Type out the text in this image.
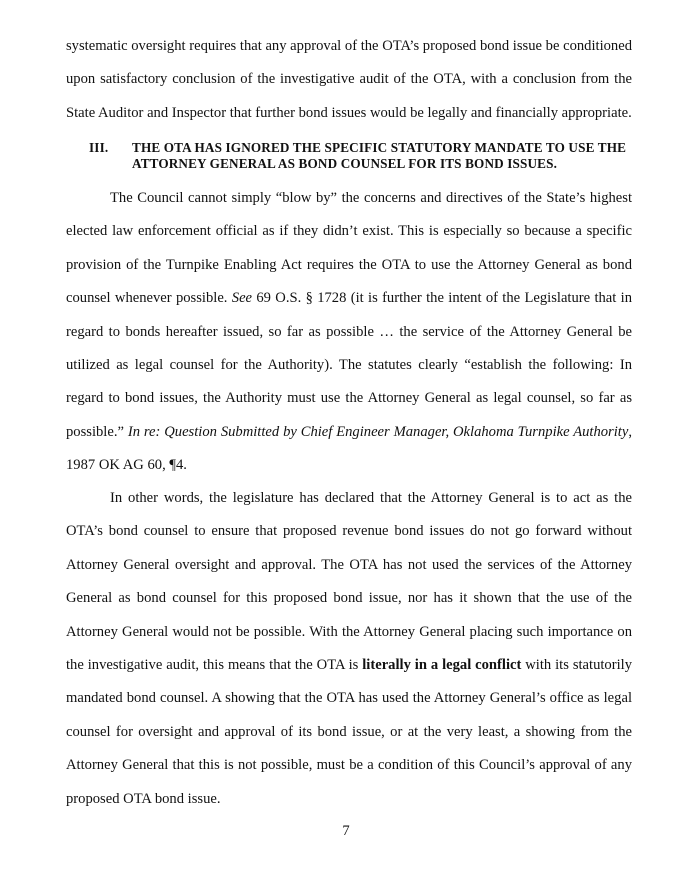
systematic oversight requires that any approval of the OTA’s proposed bond issue be conditioned upon satisfactory conclusion of the investigative audit of the OTA, with a conclusion from the State Auditor and Inspector that further bond issues would be legally and financially appropriate.

III. THE OTA HAS IGNORED THE SPECIFIC STATUTORY MANDATE TO USE THE ATTORNEY GENERAL AS BOND COUNSEL FOR ITS BOND ISSUES.

The Council cannot simply “blow by” the concerns and directives of the State’s highest elected law enforcement official as if they didn’t exist. This is especially so because a specific provision of the Turnpike Enabling Act requires the OTA to use the Attorney General as bond counsel whenever possible. See 69 O.S. § 1728 (it is further the intent of the Legislature that in regard to bonds hereafter issued, so far as possible … the service of the Attorney General be utilized as legal counsel for the Authority). The statutes clearly “establish the following: In regard to bond issues, the Authority must use the Attorney General as legal counsel, so far as possible.” In re: Question Submitted by Chief Engineer Manager, Oklahoma Turnpike Authority, 1987 OK AG 60, ¶4.

In other words, the legislature has declared that the Attorney General is to act as the OTA’s bond counsel to ensure that proposed revenue bond issues do not go forward without Attorney General oversight and approval. The OTA has not used the services of the Attorney General as bond counsel for this proposed bond issue, nor has it shown that the use of the Attorney General would not be possible. With the Attorney General placing such importance on the investigative audit, this means that the OTA is literally in a legal conflict with its statutorily mandated bond counsel. A showing that the OTA has used the Attorney General’s office as legal counsel for oversight and approval of its bond issue, or at the very least, a showing from the Attorney General that this is not possible, must be a condition of this Council’s approval of any proposed OTA bond issue.

7
